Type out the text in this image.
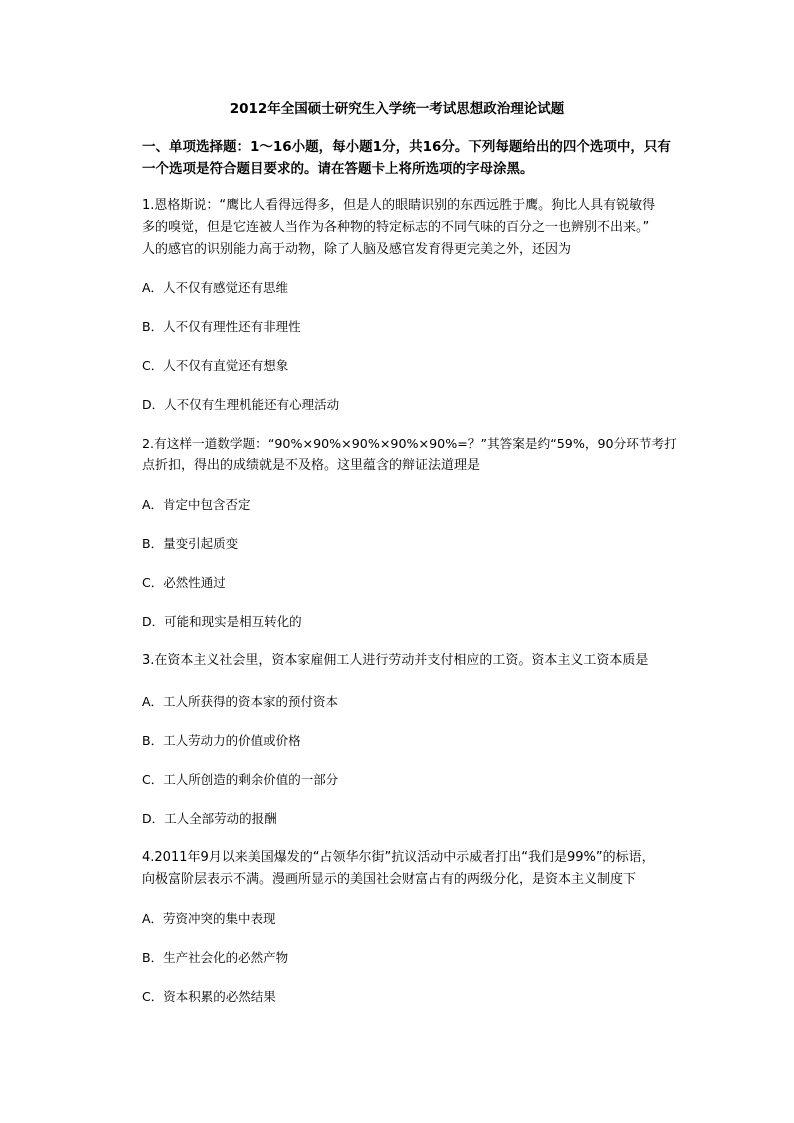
2012年全国硕士研究生入学统一考试思想政治理论试题
一、单项选择题：1～16小题，每小题1分，共16分。下列每题给出的四个选项中，只有
一个选项是符合题目要求的。请在答题卡上将所选项的字母涂黑。
1.恩格斯说：“鹰比人看得远得多，但是人的眼睛识别的东西远胜于鹰。狗比人具有锐敏得
多的嗅觉，但是它连被人当作为各种物的特定标志的不同气味的百分之一也辨别不出来。”
人的感官的识别能力高于动物，除了人脑及感官发育得更完美之外，还因为
A．人不仅有感觉还有思维
B．人不仅有理性还有非理性
C．人不仅有直觉还有想象
D．人不仅有生理机能还有心理活动
2.有这样一道数学题：“90%×90%×90%×90%×90%=？”其答案是约“59%，90分环节考打
点折扣，得出的成绩就是不及格。这里蕴含的辩证法道理是
A．肯定中包含否定
B．量变引起质变
C．必然性通过
D．可能和现实是相互转化的
3.在资本主义社会里，资本家雇佣工人进行劳动并支付相应的工资。资本主义工资本质是
A．工人所获得的资本家的预付资本
B．工人劳动力的价值或价格
C．工人所创造的剩余价值的一部分
D．工人全部劳动的报酬
4.2011年9月以来美国爆发的“占领华尔街”抗议活动中示威者打出“我们是99%”的标语，
向极富阶层表示不满。漫画所显示的美国社会财富占有的两级分化，是资本主义制度下
A．劳资冲突的集中表现
B．生产社会化的必然产物
C．资本积累的必然结果
